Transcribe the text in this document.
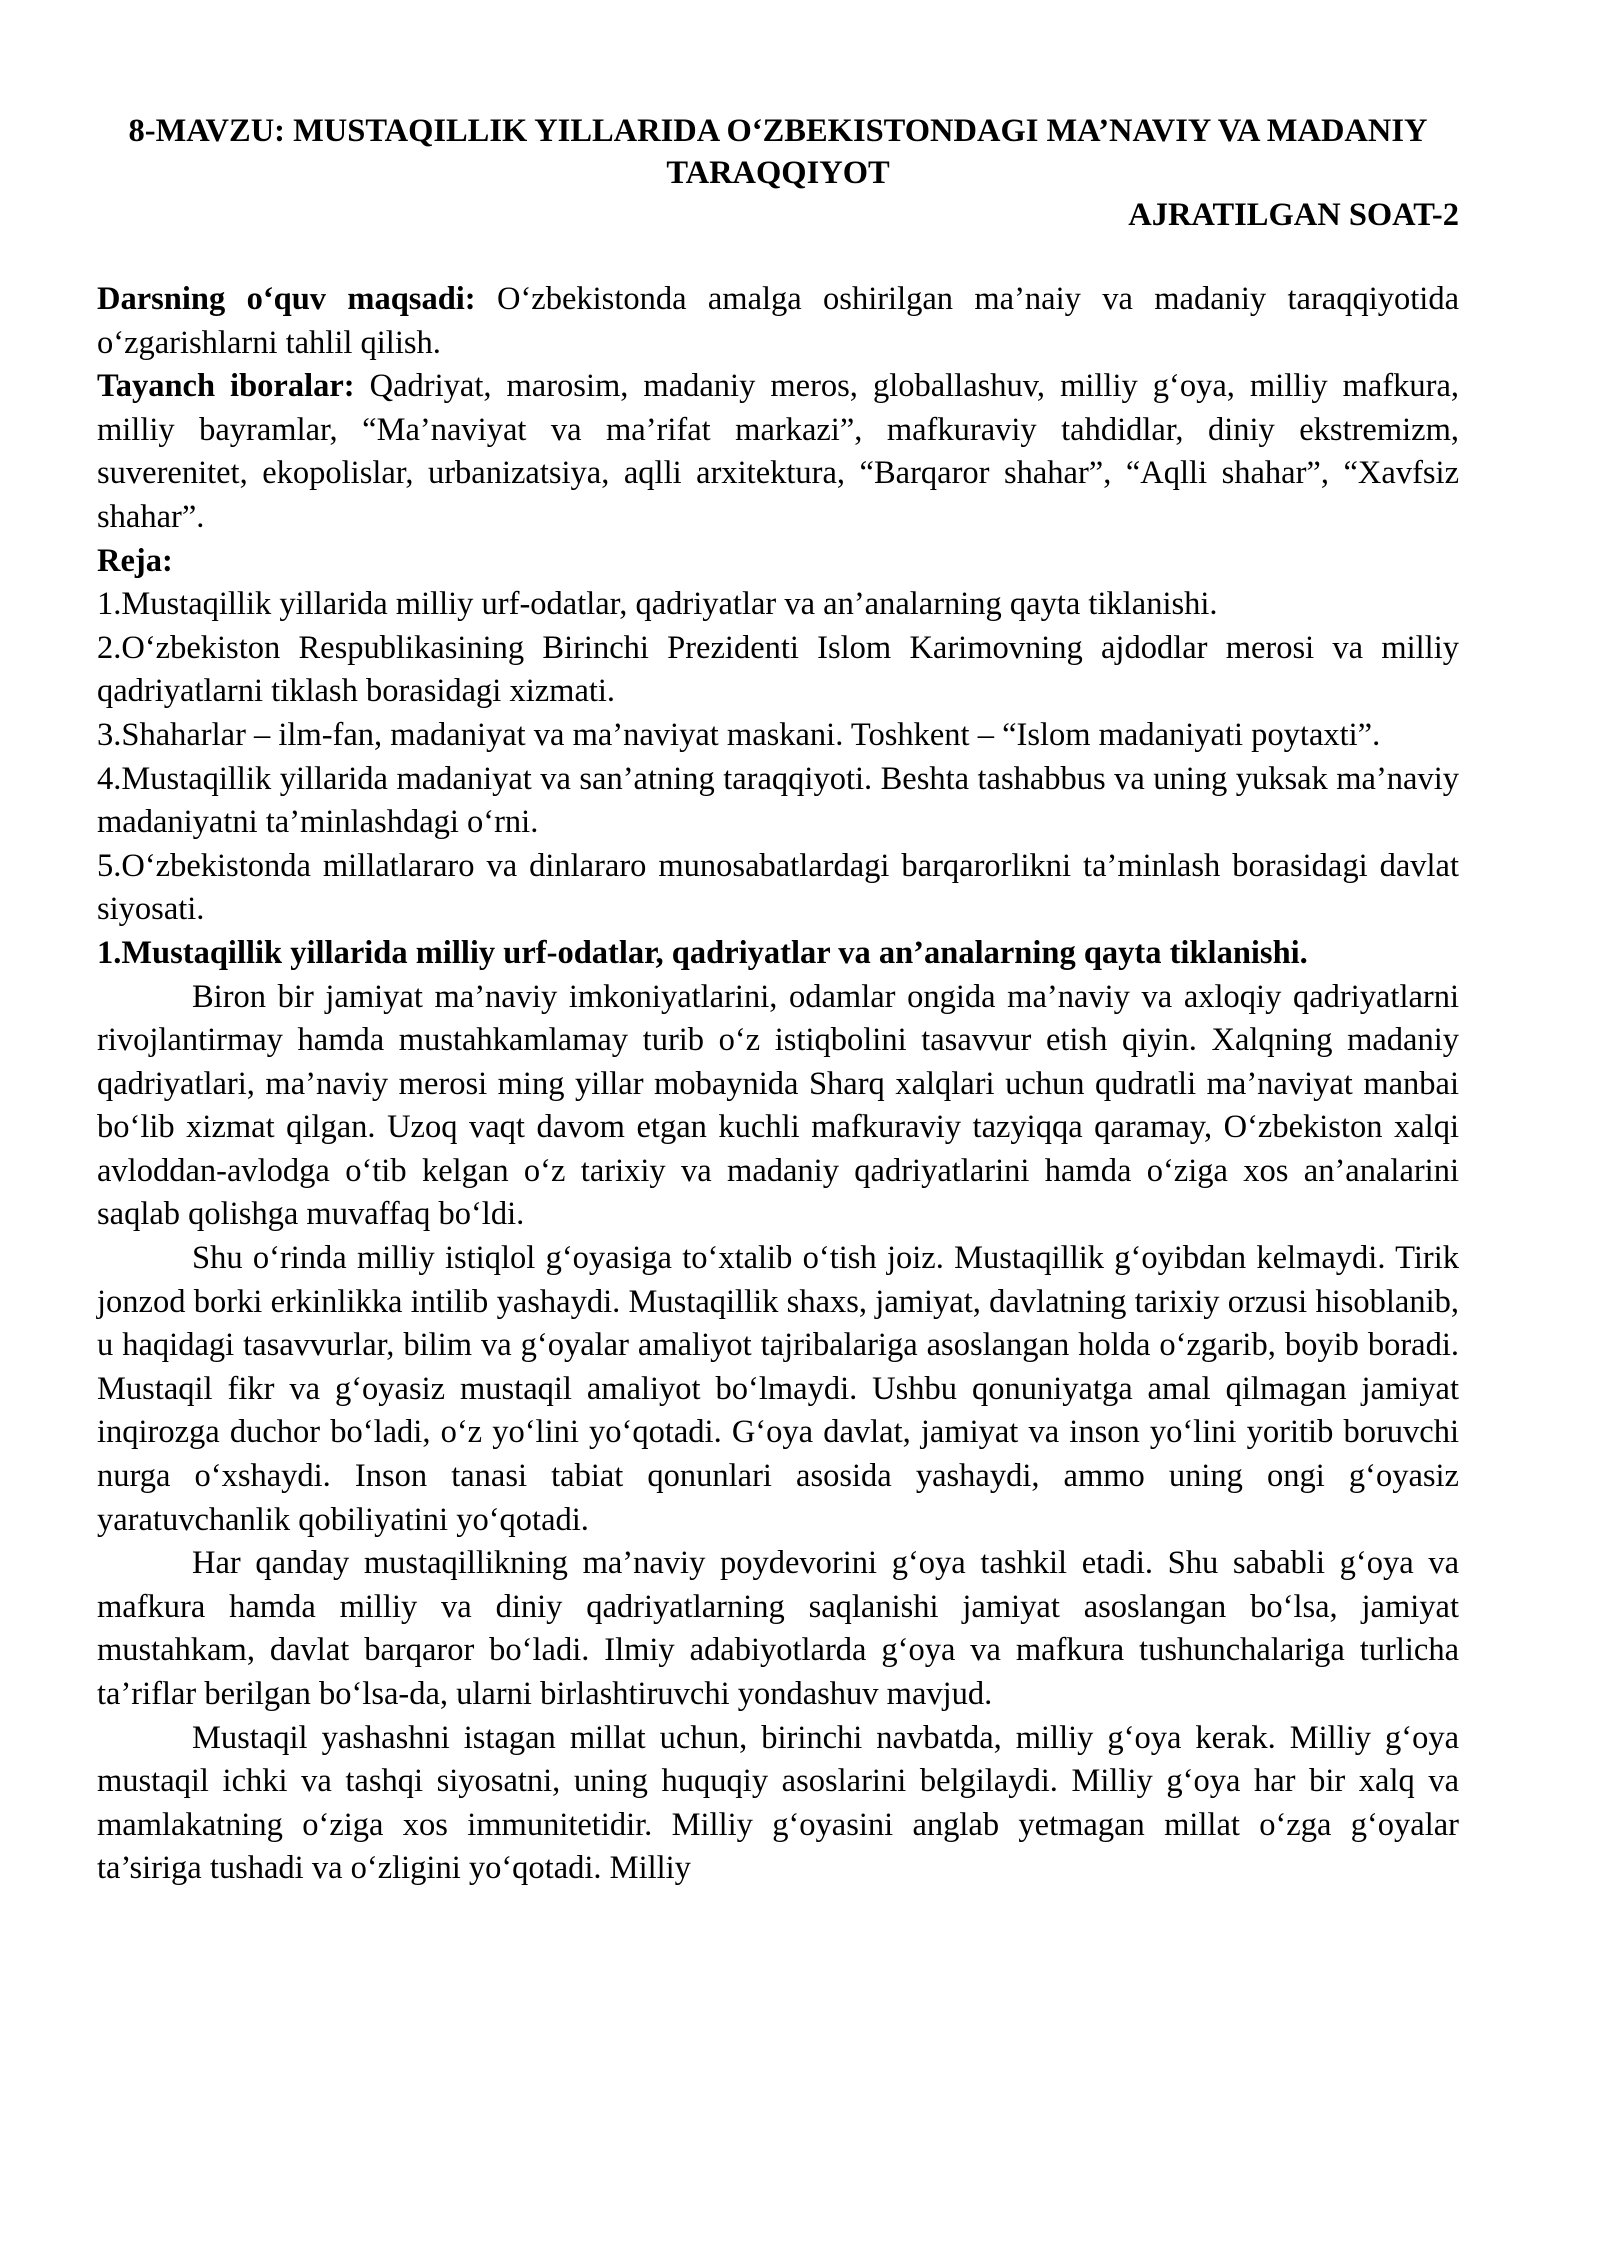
8-MAVZU: MUSTAQILLIK YILLARIDA O‘ZBEKISTONDAGI MA’NAVIY VA MADANIY TARAQQIYOT

AJRATILGAN SOAT-2

Darsning o‘quv maqsadi: O‘zbekistonda amalga oshirilgan ma’naiy va madaniy taraqqiyotida o‘zgarishlarni tahlil qilish.

Tayanch iboralar: Qadriyat, marosim, madaniy meros, globallashuv, milliy g‘oya, milliy mafkura, milliy bayramlar, “Ma’naviyat va ma’rifat markazi”, mafkuraviy tahdidlar, diniy ekstremizm, suverenitet, ekopolislar, urbanizatsiya, aqlli arxitektura, “Barqaror shahar”, “Aqlli shahar”, “Xavfsiz shahar”.

Reja:

1.Mustaqillik yillarida milliy urf-odatlar, qadriyatlar va an’analarning qayta tiklanishi.

2.O‘zbekiston Respublikasining Birinchi Prezidenti Islom Karimovning ajdodlar merosi va milliy qadriyatlarni tiklash borasidagi xizmati.

3.Shaharlar – ilm-fan, madaniyat va ma’naviyat maskani. Toshkent – “Islom madaniyati poytaxti”.

4.Mustaqillik yillarida madaniyat va san’atning taraqqiyoti. Beshta tashabbus va uning yuksak ma’naviy madaniyatni ta’minlashdagi o‘rni.

5.O‘zbekistonda millatlararo va dinlararo munosabatlardagi barqarorlikni ta’minlash borasidagi davlat siyosati.

1.Mustaqillik yillarida milliy urf-odatlar, qadriyatlar va an’analarning qayta tiklanishi.

Biron bir jamiyat ma’naviy imkoniyatlarini, odamlar ongida ma’naviy va axloqiy qadriyatlarni rivojlantirmay hamda mustahkamlamay turib o‘z istiqbolini tasavvur etish qiyin. Xalqning madaniy qadriyatlari, ma’naviy merosi ming yillar mobaynida Sharq xalqlari uchun qudratli ma’naviyat manbai bo‘lib xizmat qilgan. Uzoq vaqt davom etgan kuchli mafkuraviy tazyiqqa qaramay, O‘zbekiston xalqi avloddan-avlodga o‘tib kelgan o‘z tarixiy va madaniy qadriyatlarini hamda o‘ziga xos an’analarini saqlab qolishga muvaffaq bo‘ldi.

Shu o‘rinda milliy istiqlol g‘oyasiga to‘xtalib o‘tish joiz. Mustaqillik g‘oyibdan kelmaydi. Tirik jonzod borki erkinlikka intilib yashaydi. Mustaqillik shaxs, jamiyat, davlatning tarixiy orzusi hisoblanib, u haqidagi tasavvurlar, bilim va g‘oyalar amaliyot tajribalariga asoslangan holda o‘zgarib, boyib boradi. Mustaqil fikr va g‘oyasiz mustaqil amaliyot bo‘lmaydi. Ushbu qonuniyatga amal qilmagan jamiyat inqirozga duchor bo‘ladi, o‘z yo‘lini yo‘qotadi. G‘oya davlat, jamiyat va inson yo‘lini yoritib boruvchi nurga o‘xshaydi. Inson tanasi tabiat qonunlari asosida yashaydi, ammo uning ongi g‘oyasiz yaratuvchanlik qobiliyatini yo‘qotadi.

Har qanday mustaqillikning ma’naviy poydevorini g‘oya tashkil etadi. Shu sababli g‘oya va mafkura hamda milliy va diniy qadriyatlarning saqlanishi jamiyat asoslangan bo‘lsa, jamiyat mustahkam, davlat barqaror bo‘ladi. Ilmiy adabiyotlarda g‘oya va mafkura tushunchalariga turlicha ta’riflar berilgan bo‘lsa-da, ularni birlashtiruvchi yondashuv mavjud.

Mustaqil yashashni istagan millat uchun, birinchi navbatda, milliy g‘oya kerak. Milliy g‘oya mustaqil ichki va tashqi siyosatni, uning huquqiy asoslarini belgilaydi. Milliy g‘oya har bir xalq va mamlakatning o‘ziga xos immunitetidir. Milliy g‘oyasini anglab yetmagan millat o‘zga g‘oyalar ta’siriga tushadi va o‘zligini yo‘qotadi. Milliy
